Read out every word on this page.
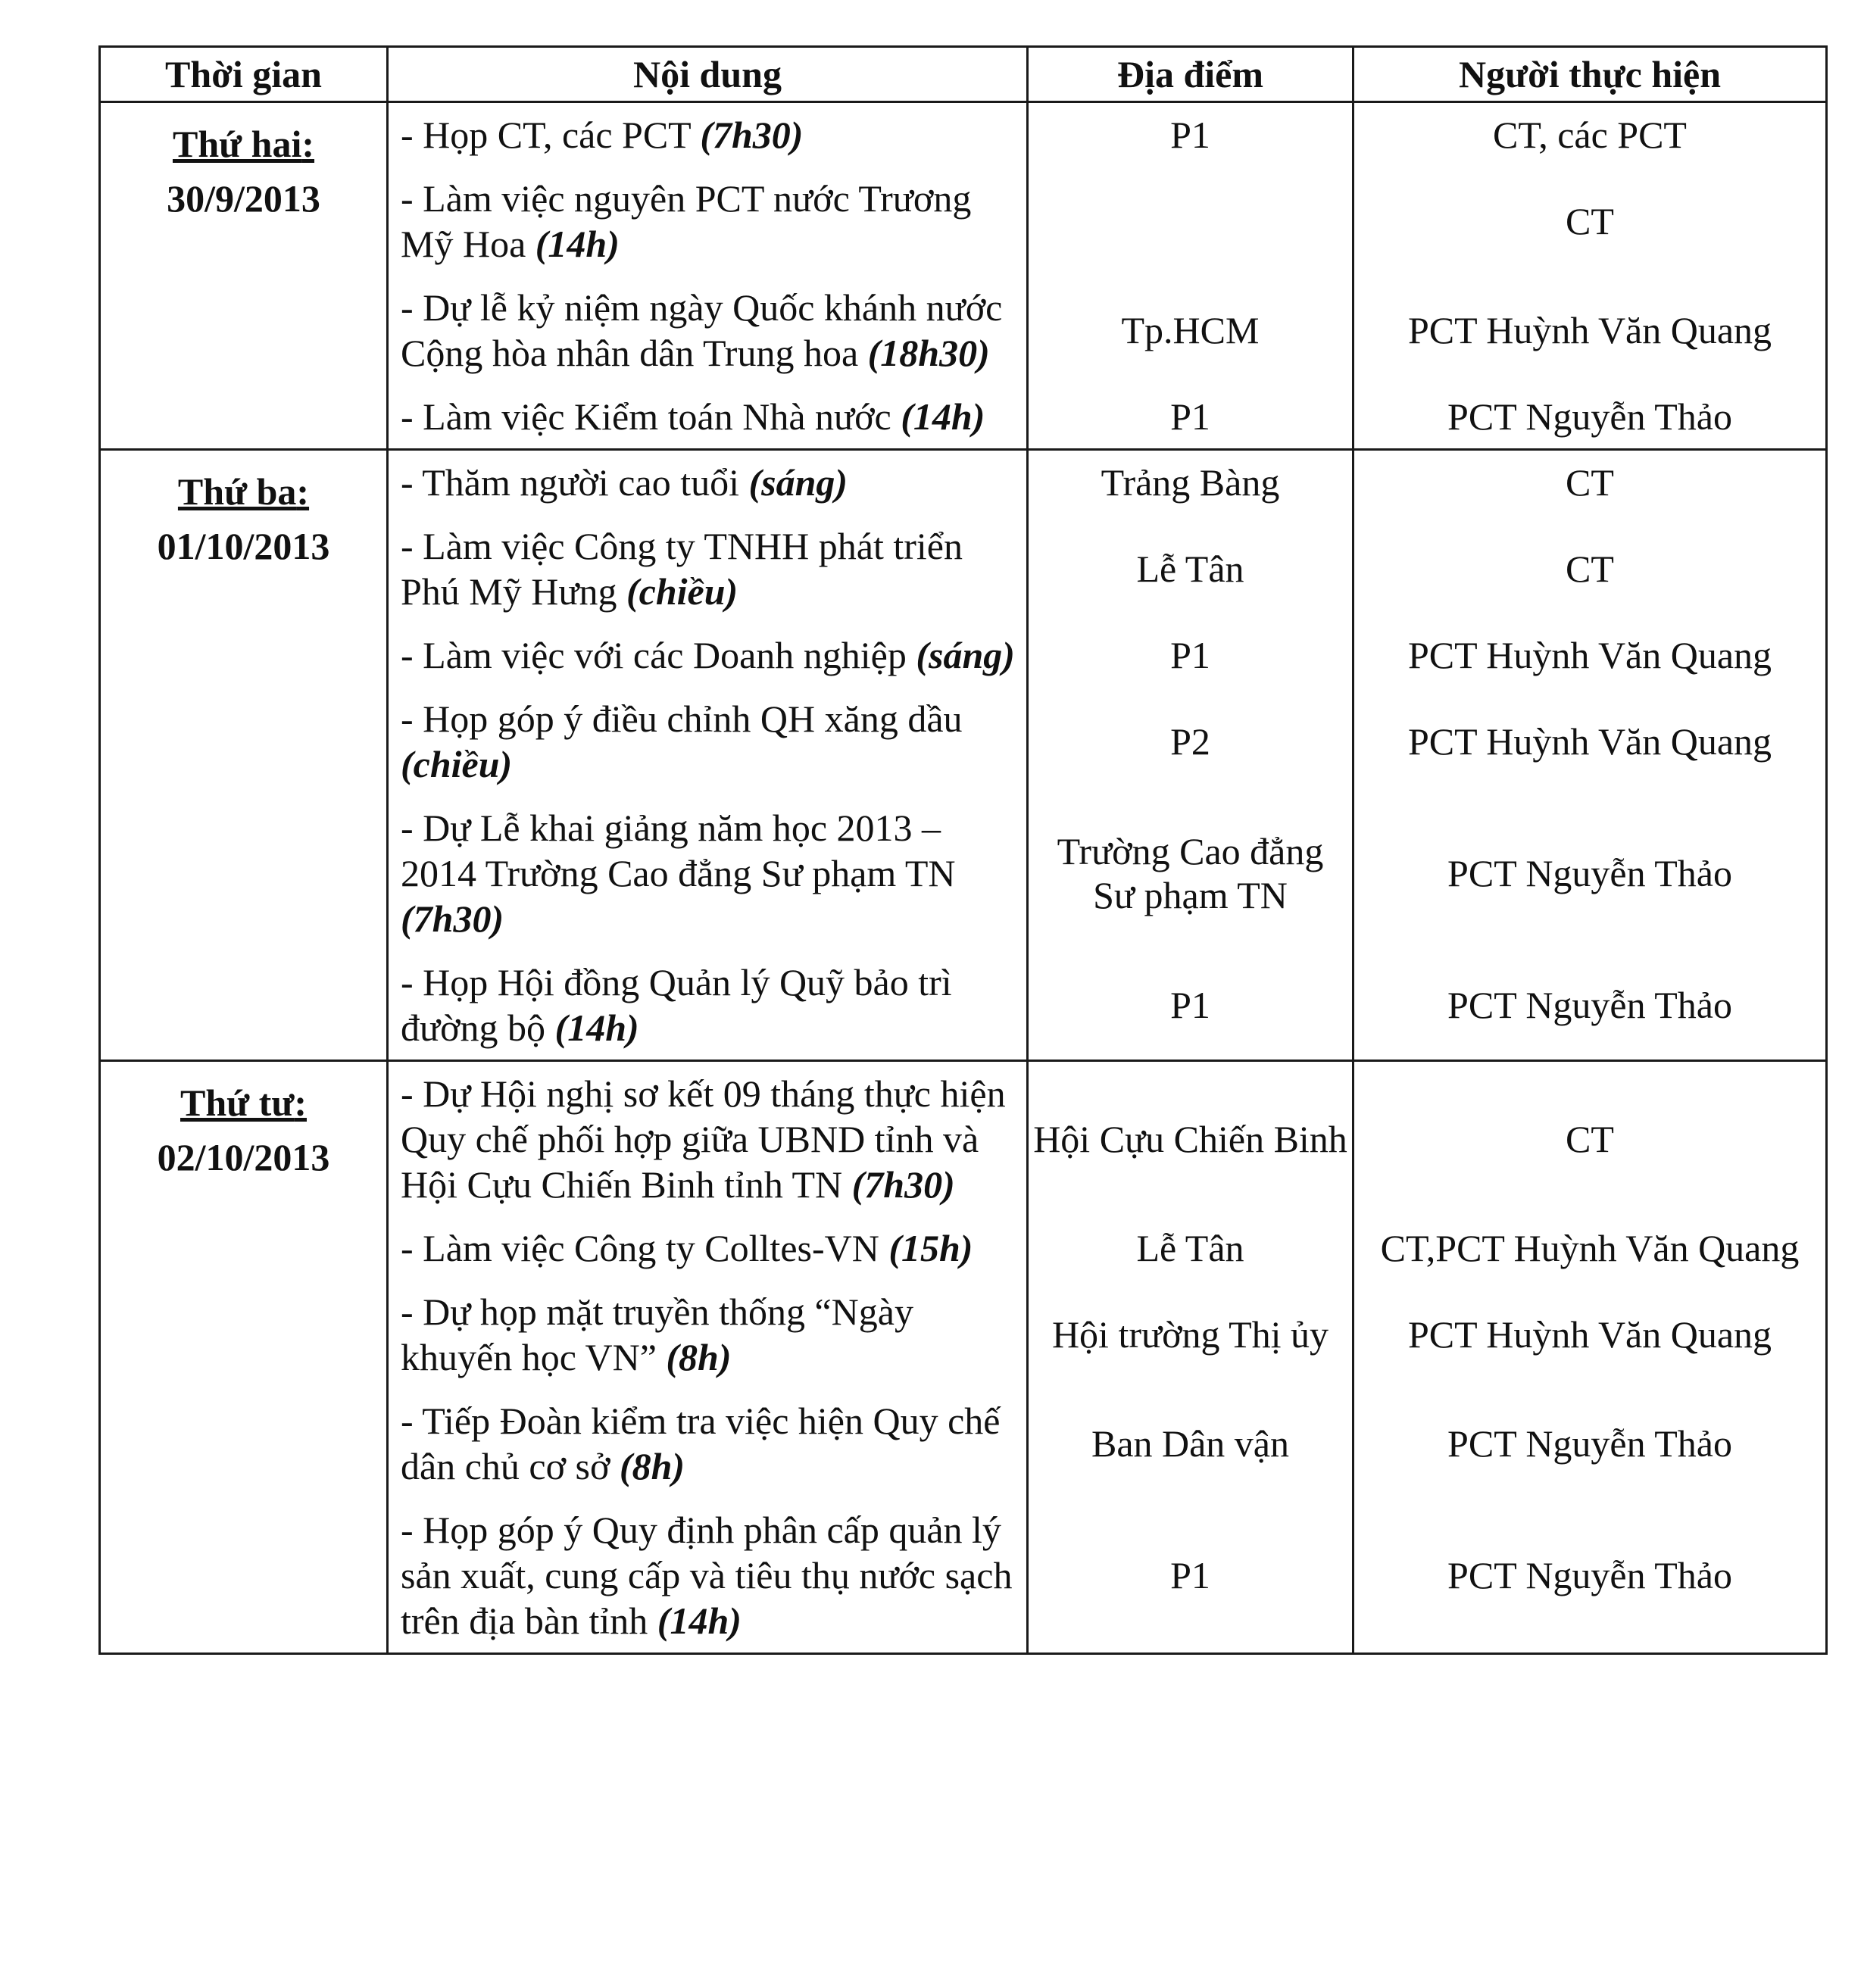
Thời gian	Nội dung	Địa điểm	Người thực hiện

Thứ hai:
30/9/2013	- Họp CT, các PCT (7h30)	P1	CT, các PCT
	- Làm việc nguyên PCT nước Trương Mỹ Hoa (14h)		CT
	- Dự lễ kỷ niệm ngày Quốc khánh nước Cộng hòa nhân dân Trung hoa (18h30)	Tp.HCM	PCT Huỳnh Văn Quang
	- Làm việc Kiểm toán Nhà nước (14h)	P1	PCT Nguyễn Thảo

Thứ ba:
01/10/2013	- Thăm người cao tuổi (sáng)	Trảng Bàng	CT
	- Làm việc Công ty TNHH phát triển Phú Mỹ Hưng (chiều)	Lễ Tân	CT
	- Làm việc với các Doanh nghiệp (sáng)	P1	PCT Huỳnh Văn Quang
	- Họp góp ý điều chỉnh QH xăng dầu (chiều)	P2	PCT Huỳnh Văn Quang
	- Dự Lễ khai giảng năm học 2013 – 2014 Trường Cao đẳng Sư phạm TN (7h30)	Trường Cao đẳng Sư phạm TN	PCT Nguyễn Thảo
	- Họp Hội đồng Quản lý Quỹ bảo trì đường bộ (14h)	P1	PCT Nguyễn Thảo

Thứ tư:
02/10/2013	- Dự Hội nghị sơ kết 09 tháng thực hiện Quy chế phối hợp giữa UBND tỉnh và Hội Cựu Chiến Binh tỉnh TN (7h30)	Hội Cựu Chiến Binh	CT
	- Làm việc Công ty Colltes-VN (15h)	Lễ Tân	CT,PCT Huỳnh Văn Quang
	- Dự họp mặt truyền thống “Ngày khuyến học VN” (8h)	Hội trường Thị ủy	PCT Huỳnh Văn Quang
	- Tiếp Đoàn kiểm tra việc hiện Quy chế dân chủ cơ sở (8h)	Ban Dân vận	PCT Nguyễn Thảo
	- Họp góp ý Quy định phân cấp quản lý sản xuất, cung cấp và tiêu thụ nước sạch trên địa bàn tỉnh (14h)	P1	PCT Nguyễn Thảo
